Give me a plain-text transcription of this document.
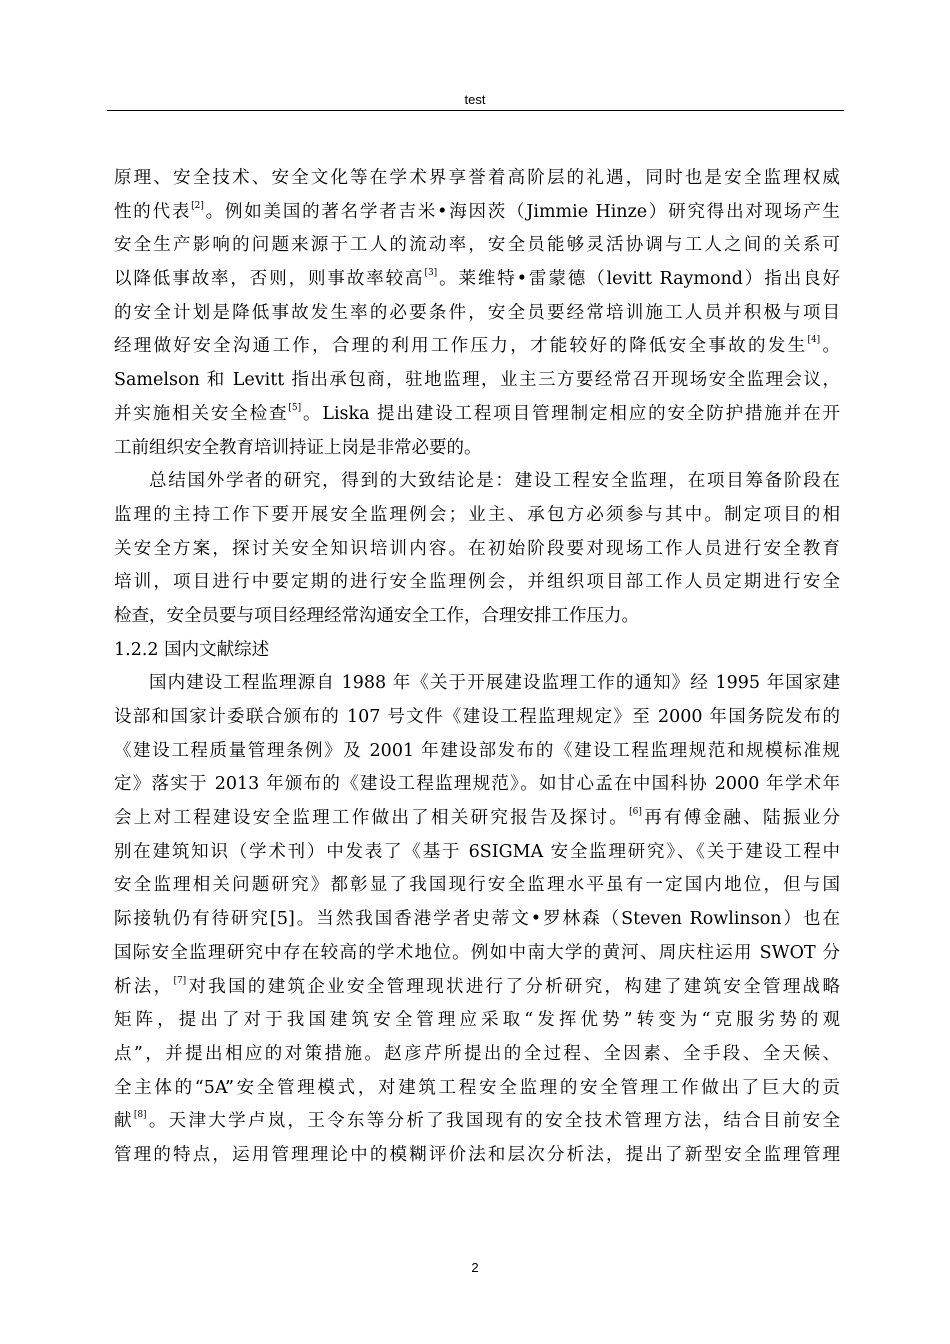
test
原理、安全技术、安全文化等在学术界享誉着高阶层的礼遇，同时也是安全监理权威
性的代表[2]。例如美国的著名学者吉米•海因茨（Jimmie Hinze）研究得出对现场产生
安全生产影响的问题来源于工人的流动率，安全员能够灵活协调与工人之间的关系可
以降低事故率，否则，则事故率较高[3]。莱维特•雷蒙德（levitt Raymond）指出良好
的安全计划是降低事故发生率的必要条件，安全员要经常培训施工人员并积极与项目
经理做好安全沟通工作，合理的利用工作压力，才能较好的降低安全事故的发生[4]。
Samelson 和 Levitt 指出承包商，驻地监理，业主三方要经常召开现场安全监理会议，
并实施相关安全检查[5]。Liska 提出建设工程项目管理制定相应的安全防护措施并在开
工前组织安全教育培训持证上岗是非常必要的。
总结国外学者的研究，得到的大致结论是：建设工程安全监理，在项目筹备阶段在
监理的主持工作下要开展安全监理例会；业主、承包方必须参与其中。制定项目的相
关安全方案，探讨关安全知识培训内容。在初始阶段要对现场工作人员进行安全教育
培训，项目进行中要定期的进行安全监理例会，并组织项目部工作人员定期进行安全
检查，安全员要与项目经理经常沟通安全工作，合理安排工作压力。
1.2.2 国内文献综述
国内建设工程监理源自 1988 年《关于开展建设监理工作的通知》经 1995 年国家建
设部和国家计委联合颁布的 107 号文件《建设工程监理规定》至 2000 年国务院发布的
《建设工程质量管理条例》及 2001 年建设部发布的《建设工程监理规范和规模标准规
定》落实于 2013 年颁布的《建设工程监理规范》。如甘心孟在中国科协 2000 年学术年
会上对工程建设安全监理工作做出了相关研究报告及探讨。[6]再有傅金融、陆振业分
别在建筑知识（学术刊）中发表了《基于 6SIGMA 安全监理研究》、《关于建设工程中
安全监理相关问题研究》都彰显了我国现行安全监理水平虽有一定国内地位，但与国
际接轨仍有待研究[5]。当然我国香港学者史蒂文•罗林森（Steven Rowlinson）也在
国际安全监理研究中存在较高的学术地位。例如中南大学的黄河、周庆柱运用 SWOT 分
析法，[7]对我国的建筑企业安全管理现状进行了分析研究，构建了建筑安全管理战略
矩阵，提出了对于我国建筑安全管理应采取“发挥优势”转变为“克服劣势的观
点”，并提出相应的对策措施。赵彦芹所提出的全过程、全因素、全手段、全天候、
全主体的“5A”安全管理模式，对建筑工程安全监理的安全管理工作做出了巨大的贡
献[8]。天津大学卢岚，王令东等分析了我国现有的安全技术管理方法，结合目前安全
管理的特点，运用管理理论中的模糊评价法和层次分析法，提出了新型安全监理管理
2
